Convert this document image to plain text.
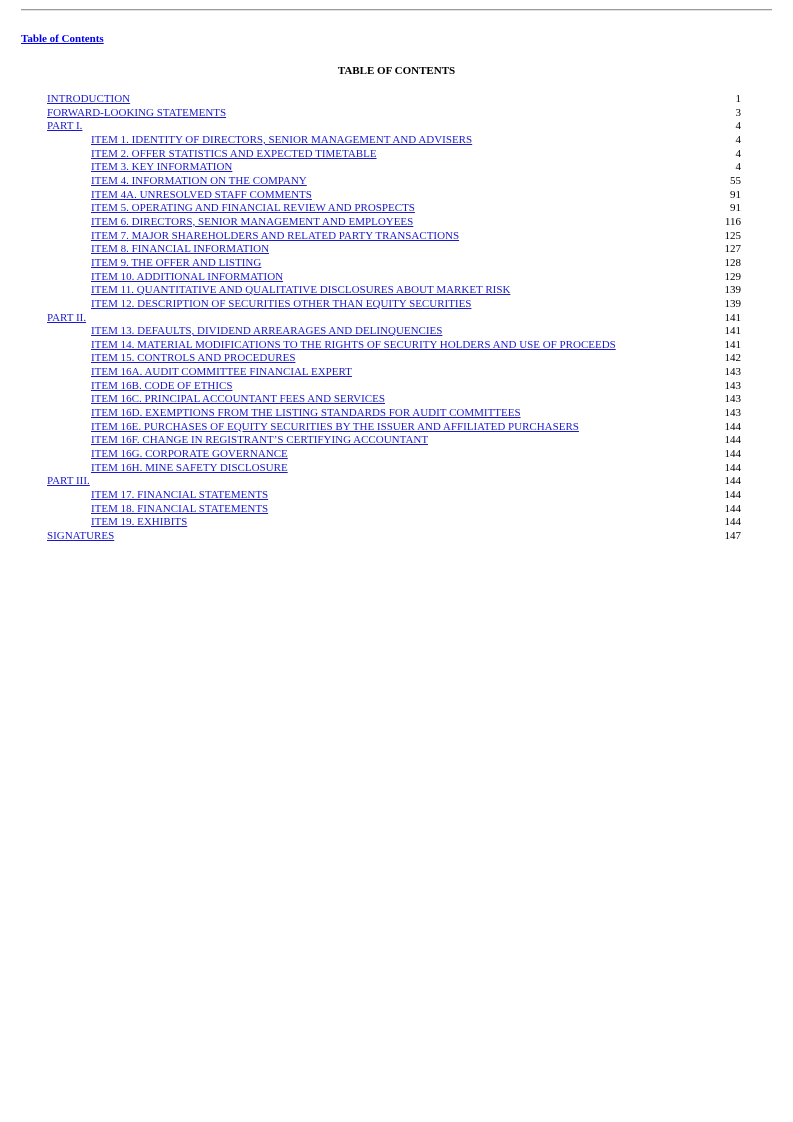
Table of Contents
TABLE OF CONTENTS
INTRODUCTION	1
FORWARD-LOOKING STATEMENTS	3
PART I.	4
ITEM 1. IDENTITY OF DIRECTORS, SENIOR MANAGEMENT AND ADVISERS	4
ITEM 2. OFFER STATISTICS AND EXPECTED TIMETABLE	4
ITEM 3. KEY INFORMATION	4
ITEM 4. INFORMATION ON THE COMPANY	55
ITEM 4A. UNRESOLVED STAFF COMMENTS	91
ITEM 5. OPERATING AND FINANCIAL REVIEW AND PROSPECTS	91
ITEM 6. DIRECTORS, SENIOR MANAGEMENT AND EMPLOYEES	116
ITEM 7. MAJOR SHAREHOLDERS AND RELATED PARTY TRANSACTIONS	125
ITEM 8. FINANCIAL INFORMATION	127
ITEM 9. THE OFFER AND LISTING	128
ITEM 10. ADDITIONAL INFORMATION	129
ITEM 11. QUANTITATIVE AND QUALITATIVE DISCLOSURES ABOUT MARKET RISK	139
ITEM 12. DESCRIPTION OF SECURITIES OTHER THAN EQUITY SECURITIES	139
PART II.	141
ITEM 13. DEFAULTS, DIVIDEND ARREARAGES AND DELINQUENCIES	141
ITEM 14. MATERIAL MODIFICATIONS TO THE RIGHTS OF SECURITY HOLDERS AND USE OF PROCEEDS	141
ITEM 15. CONTROLS AND PROCEDURES	142
ITEM 16A. AUDIT COMMITTEE FINANCIAL EXPERT	143
ITEM 16B. CODE OF ETHICS	143
ITEM 16C. PRINCIPAL ACCOUNTANT FEES AND SERVICES	143
ITEM 16D. EXEMPTIONS FROM THE LISTING STANDARDS FOR AUDIT COMMITTEES	143
ITEM 16E. PURCHASES OF EQUITY SECURITIES BY THE ISSUER AND AFFILIATED PURCHASERS	144
ITEM 16F. CHANGE IN REGISTRANT’S CERTIFYING ACCOUNTANT	144
ITEM 16G. CORPORATE GOVERNANCE	144
ITEM 16H. MINE SAFETY DISCLOSURE	144
PART III.	144
ITEM 17. FINANCIAL STATEMENTS	144
ITEM 18. FINANCIAL STATEMENTS	144
ITEM 19. EXHIBITS	144
SIGNATURES	147
